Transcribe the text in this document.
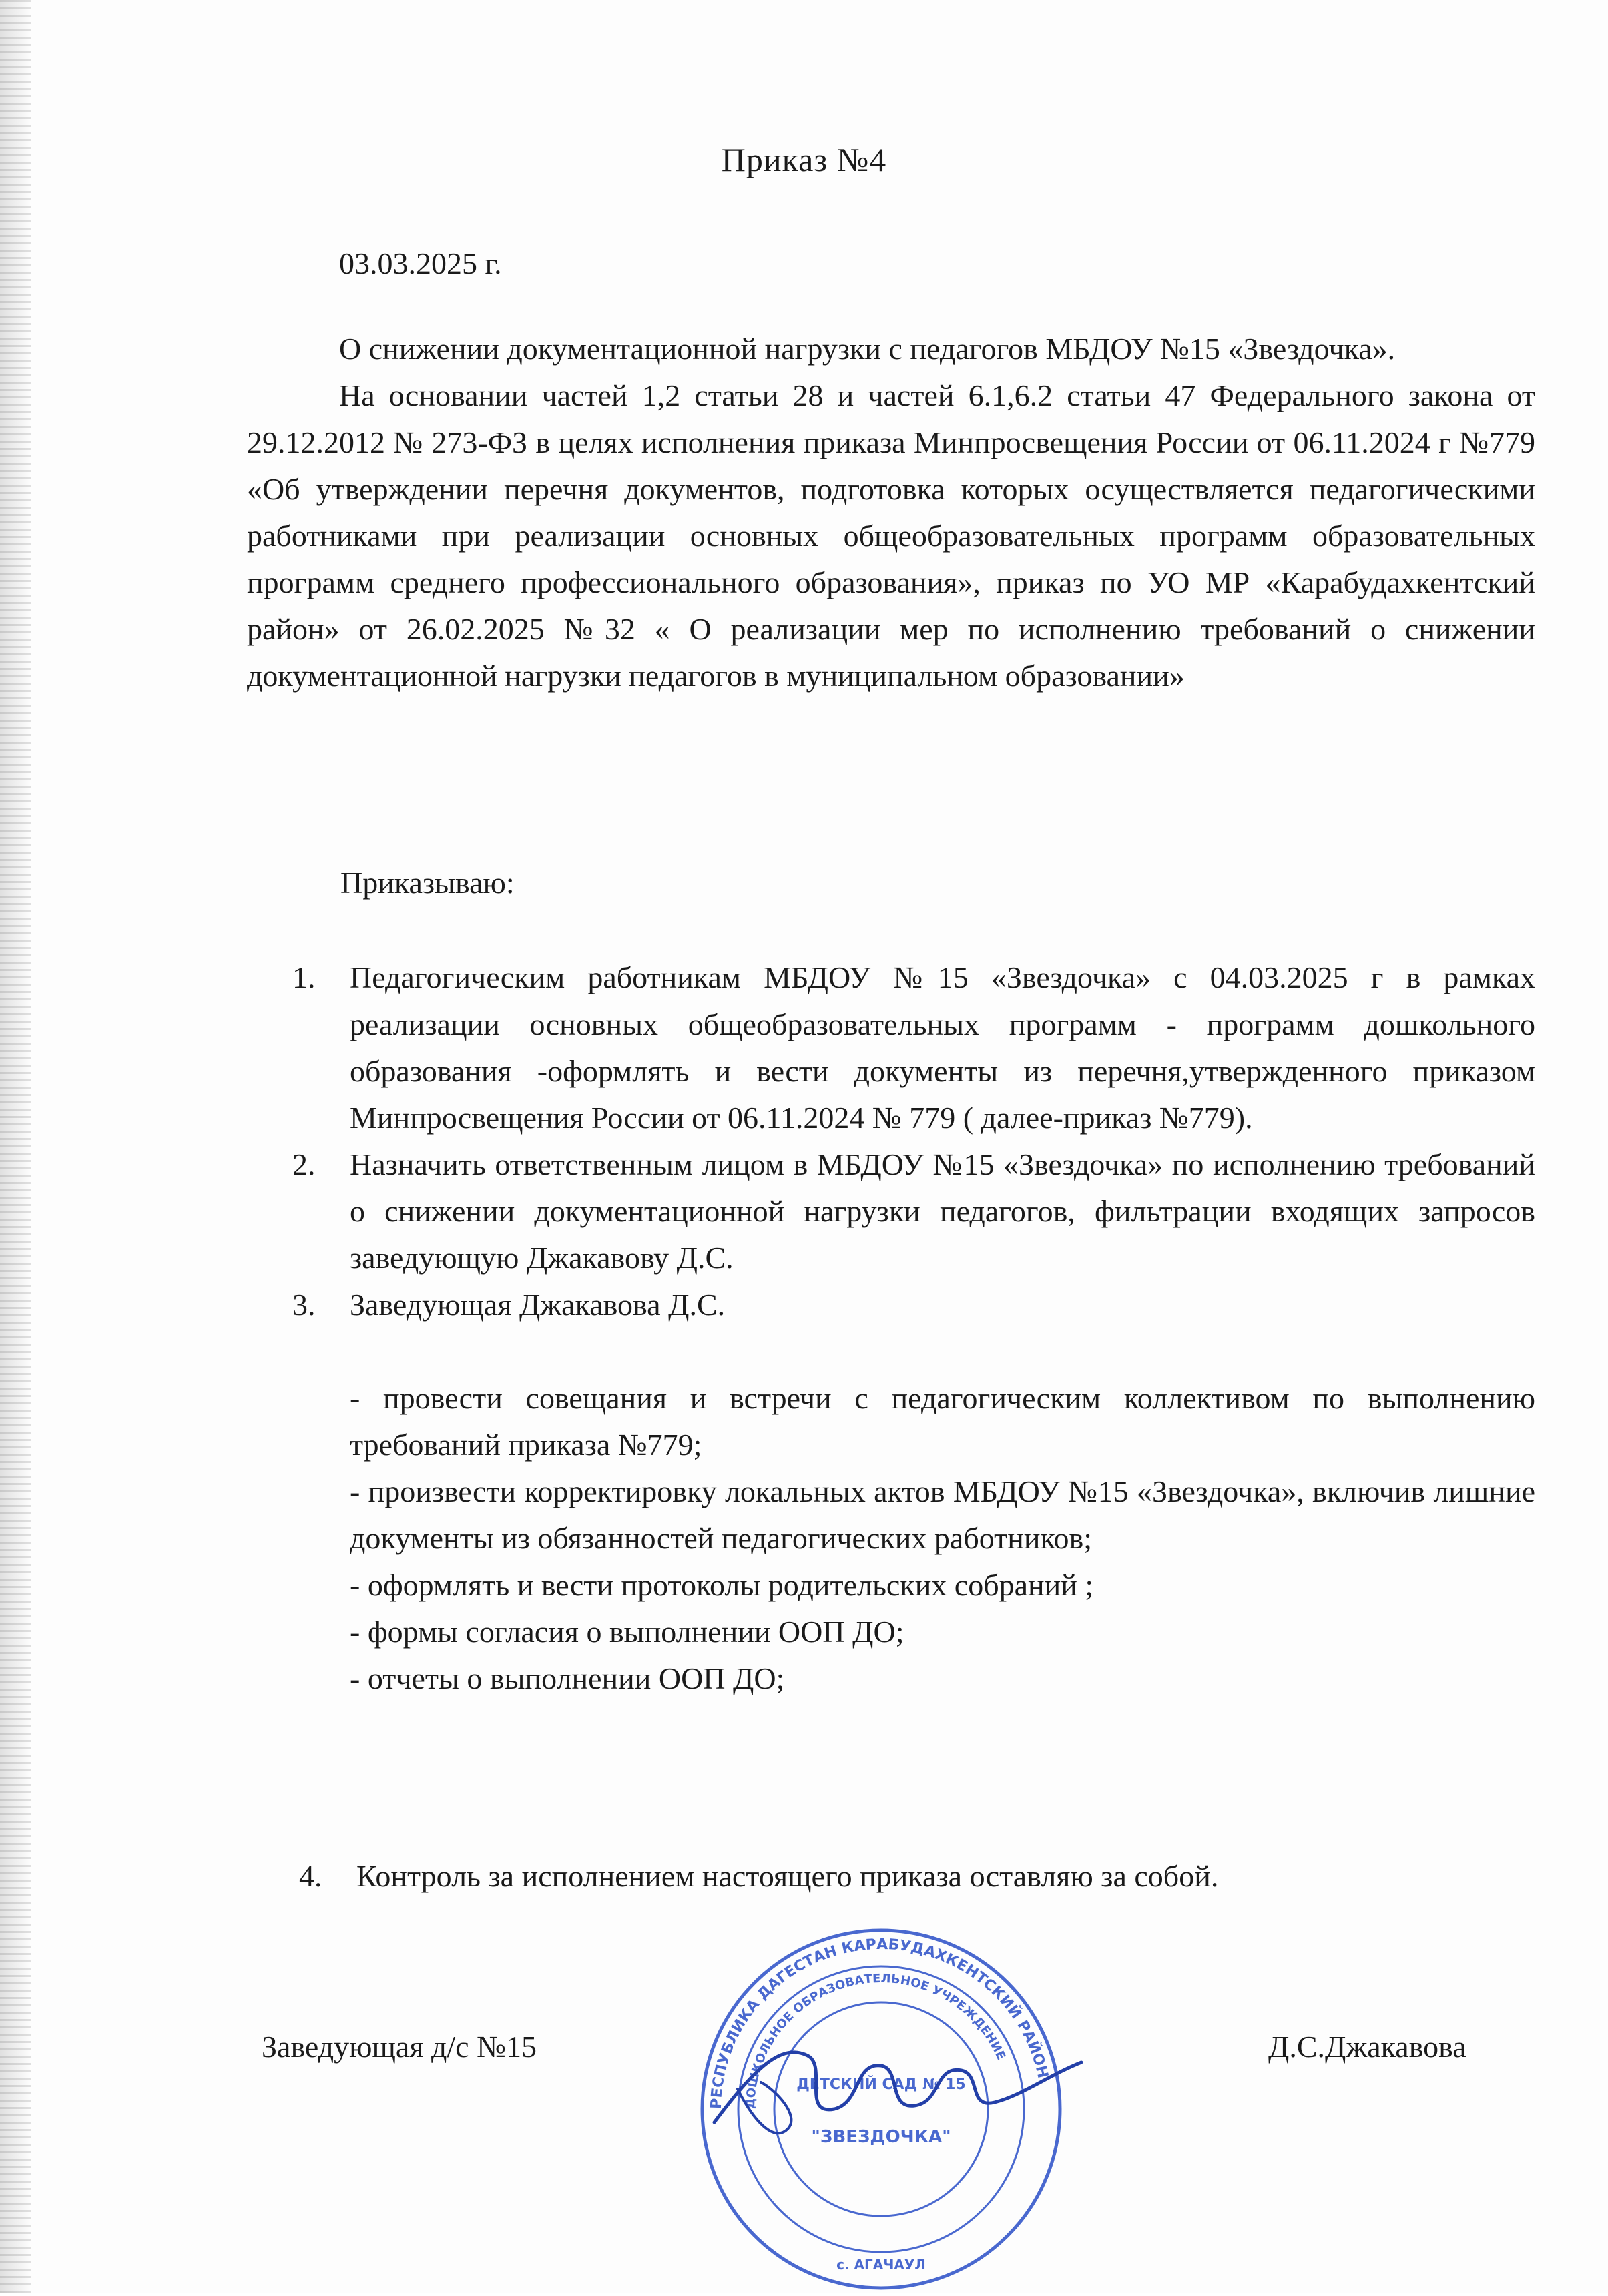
Приказ №4
03.03.2025 г.

О снижении документационной нагрузки с педагогов МБДОУ №15 «Звездочка».

На основании частей 1,2 статьи 28 и частей 6.1,6.2 статьи 47 Федерального закона от 29.12.2012 № 273-ФЗ в целях исполнения приказа Минпросвещения России от 06.11.2024 г №779 «Об утверждении перечня документов, подготовка которых осуществляется педагогическими работниками при реализации основных общеобразовательных программ образовательных программ среднего профессионального образования», приказ по УО МР «Карабудахкентский район» от 26.02.2025 №32 « О реализации мер по исполнению требований о снижении документационной нагрузки педагогов в муниципальном образовании»

Приказываю:
1.	Педагогическим работникам МБДОУ №15 «Звездочка» с 04.03.2025 г в рамках реализации основных общеобразовательных программ - программ дошкольного образования -оформлять и вести документы из перечня,утвержденного приказом Минпросвещения России от 06.11.2024 № 779 ( далее-приказ №779).
2.	Назначить ответственным лицом в МБДОУ №15 «Звездочка» по исполнению требований о снижении документационной нагрузки педагогов, фильтрации входящих запросов заведующую Джакавову Д.С.
3.	Заведующая Джакавова Д.С.
- провести совещания и встречи с педагогическим коллективом по выполнению требований приказа №779;
- произвести корректировку локальных актов МБДОУ №15 «Звездочка», включив лишние документы из обязанностей педагогических работников;
- оформлять и вести протоколы родительских собраний ;
- формы согласия о выполнении ООП ДО;
- отчеты о выполнении ООП ДО;
4.	Контроль за исполнением настоящего приказа оставляю за собой.
Заведующая д/с №15	Д.С.Джакавова
РЕСПУБЛИКА ДАГЕСТАН КАРАБУДАХКЕНТСКИЙ РАЙОН
ДОШКОЛЬНОЕ ОБРАЗОВАТЕЛЬНОЕ УЧРЕЖДЕНИЕ
ДЕТСКИЙ САД № 15
"ЗВЕЗДОЧКА"
с. АГАЧАУЛ
